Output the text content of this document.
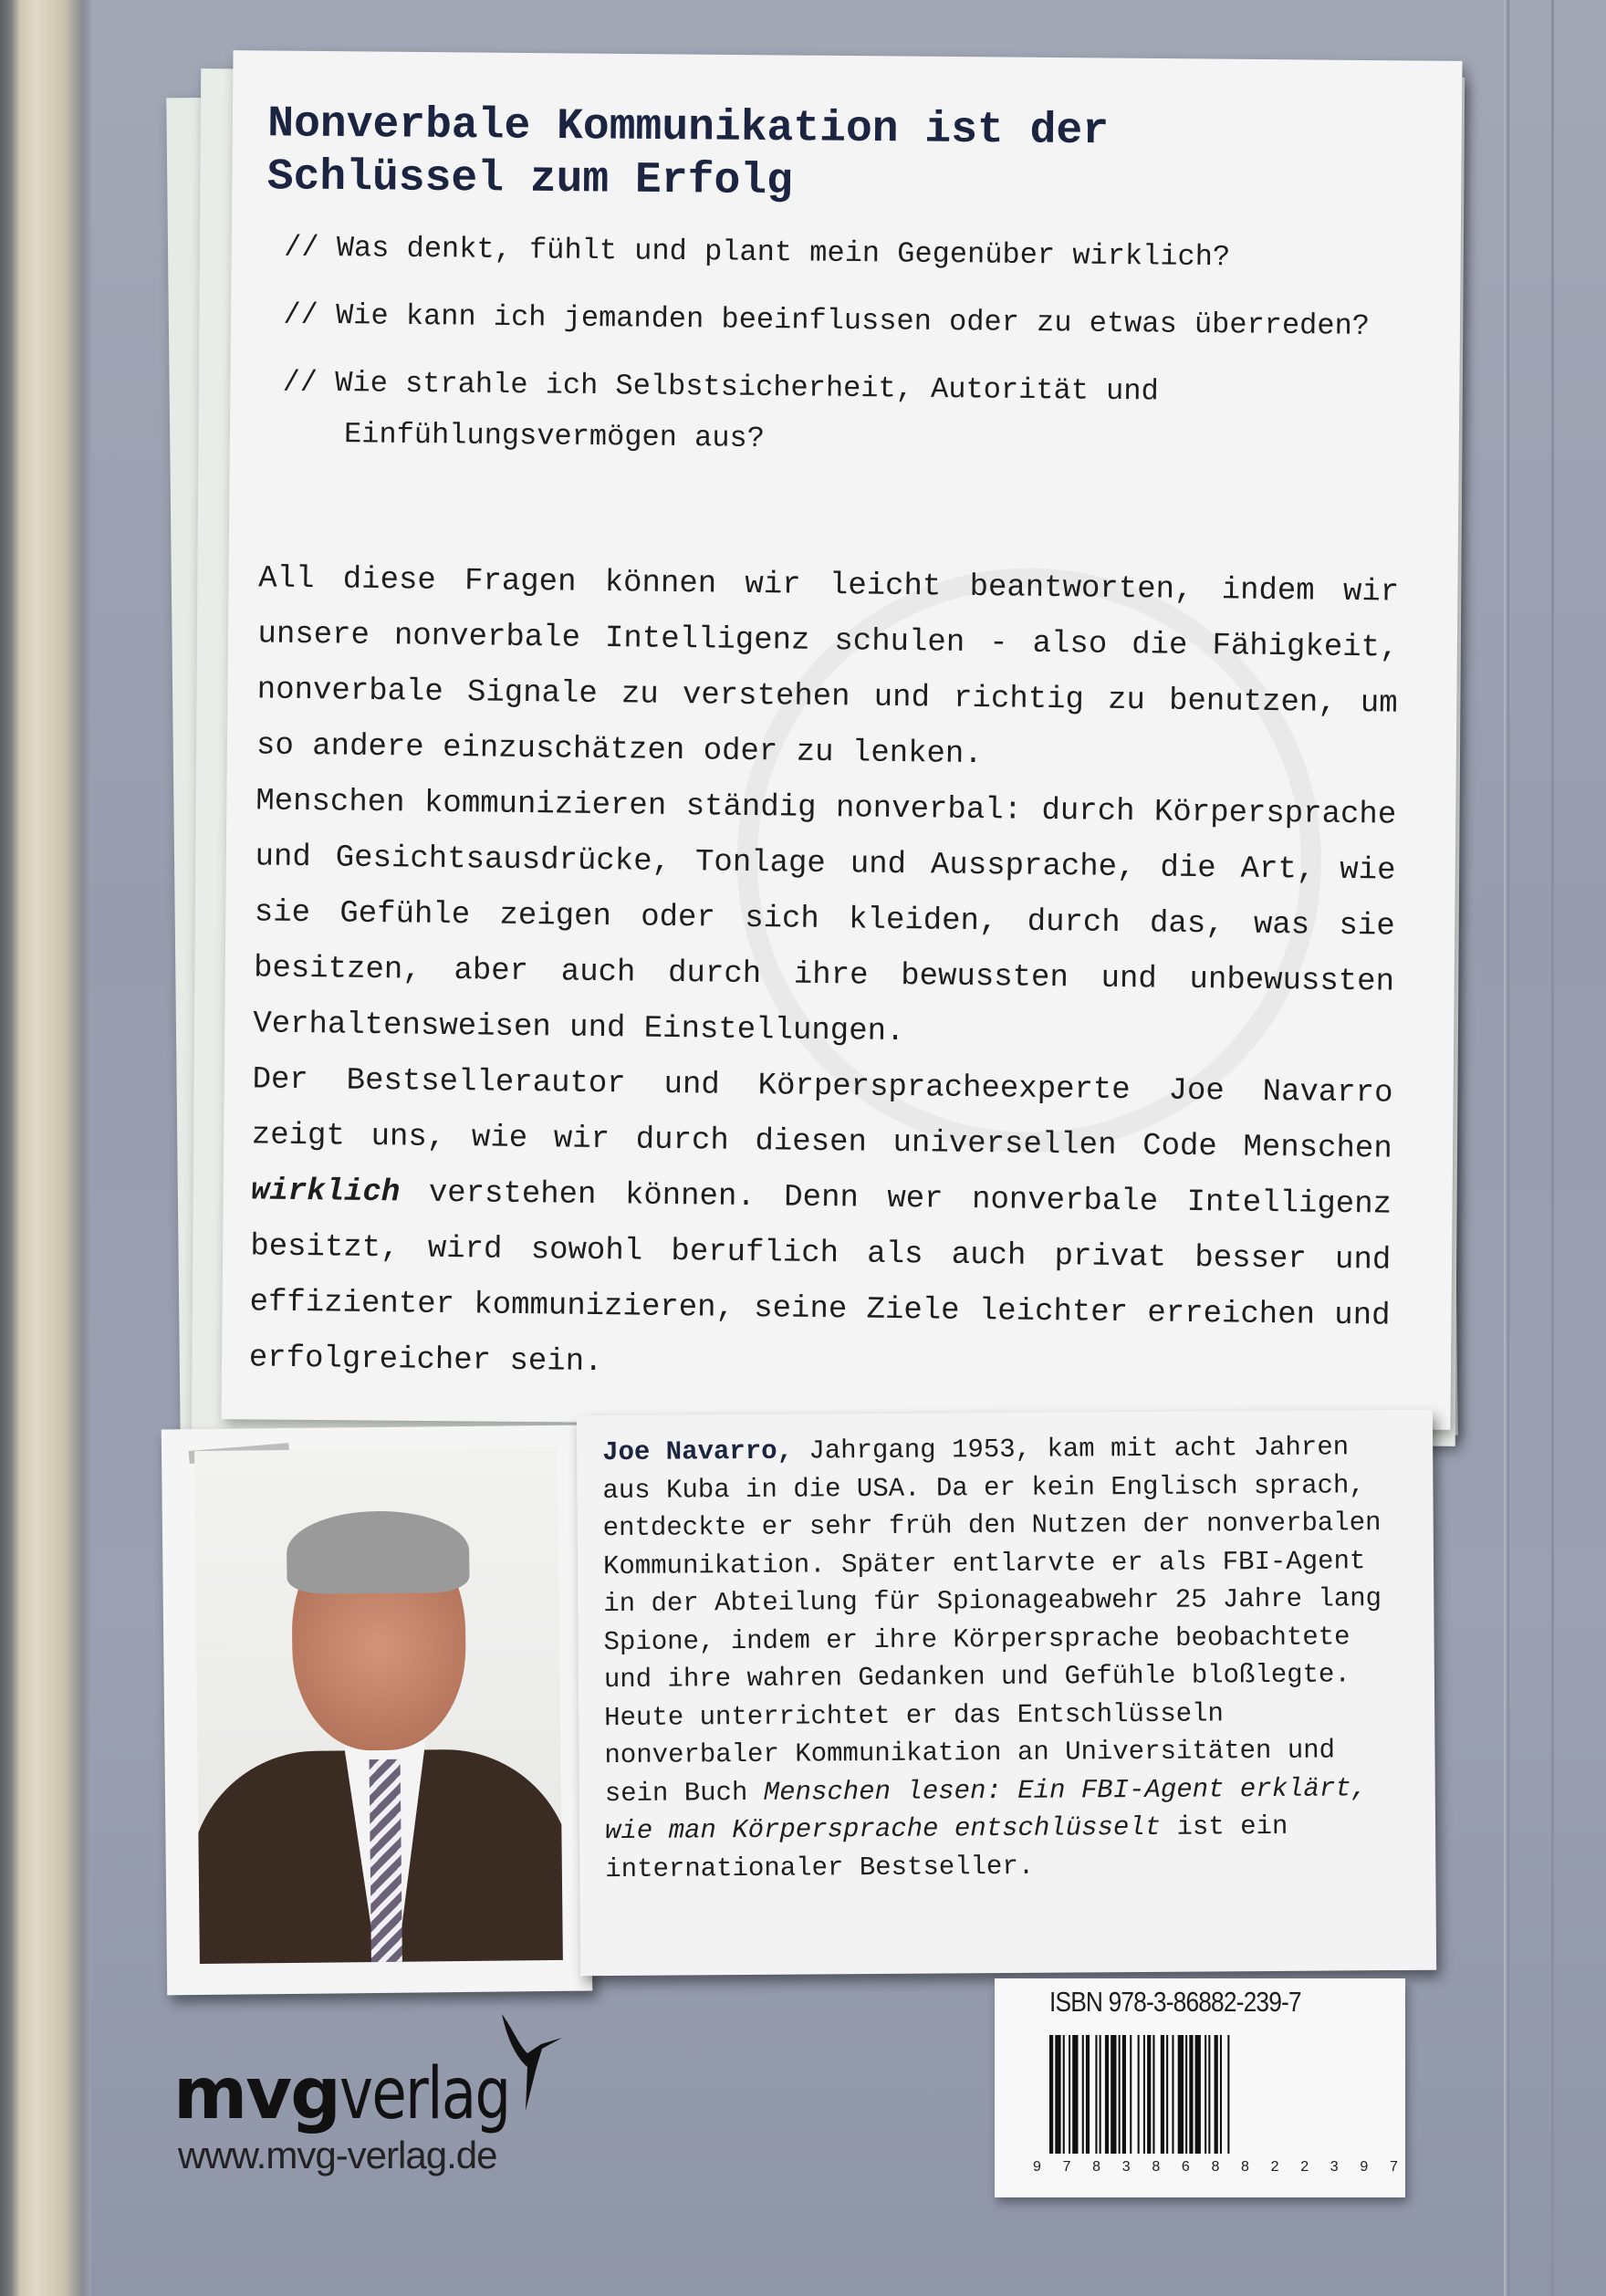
Nonverbale Kommunikation ist der Schlüssel zum Erfolg
// Was denkt, fühlt und plant mein Gegenüber wirklich?
// Wie kann ich jemanden beeinflussen oder zu etwas überreden?
// Wie strahle ich Selbstsicherheit, Autorität und Einfühlungsvermögen aus?

All diese Fragen können wir leicht beantworten, indem wir unsere nonverbale Intelligenz schulen - also die Fähigkeit, nonverbale Signale zu verstehen und richtig zu benutzen, um so andere einzuschätzen oder zu lenken.

Menschen kommunizieren ständig nonverbal: durch Körpersprache und Gesichtsausdrücke, Tonlage und Aussprache, die Art, wie sie Gefühle zeigen oder sich kleiden, durch das, was sie besitzen, aber auch durch ihre bewussten und unbewussten Verhaltensweisen und Einstellungen.

Der Bestsellerautor und Körperspracheexperte Joe Navarro zeigt uns, wie wir durch diesen universellen Code Menschen wirklich verstehen können. Denn wer nonverbale Intelligenz besitzt, wird sowohl beruflich als auch privat besser und effizienter kommunizieren, seine Ziele leichter erreichen und erfolgreicher sein.

Joe Navarro, Jahrgang 1953, kam mit acht Jahren aus Kuba in die USA. Da er kein Englisch sprach, entdeckte er sehr früh den Nutzen der nonverbalen Kommunikation. Später entlarvte er als FBI-Agent in der Abteilung für Spionageabwehr 25 Jahre lang Spione, indem er ihre Körpersprache beobachtete und ihre wahren Gedanken und Gefühle bloßlegte. Heute unterrichtet er das Entschlüsseln nonverbaler Kommunikation an Universitäten und sein Buch Menschen lesen: Ein FBI-Agent erklärt, wie man Körpersprache entschlüsselt ist ein internationaler Bestseller.
ISBN 978-3-86882-239-7
9 7 8 3 8 6 8 8 2 2 3 9 7
mvgverlag
www.mvg-verlag.de
